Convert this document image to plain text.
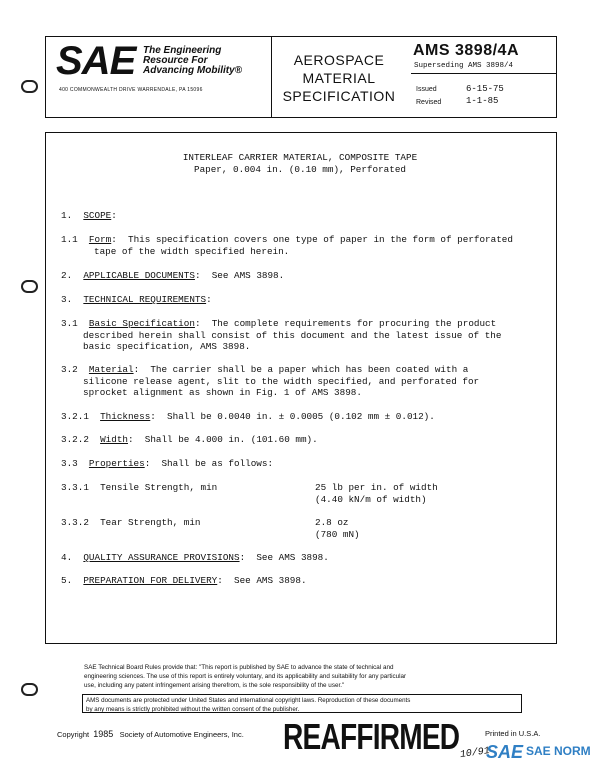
SAE The Engineering
Resource For
Advancing Mobility®
400 COMMONWEALTH DRIVE WARRENDALE, PA 15096
AEROSPACE
MATERIAL
SPECIFICATION
AMS 3898/4A
Superseding AMS 3898/4
Issued	6-15-75
Revised	1-1-85
INTERLEAF CARRIER MATERIAL, COMPOSITE TAPE
Paper, 0.004 in. (0.10 mm), Perforated
1. SCOPE:
1.1 Form:  This specification covers one type of paper in the form of perforated
tape of the width specified herein.
2. APPLICABLE DOCUMENTS:  See AMS 3898.
3. TECHNICAL REQUIREMENTS:
3.1 Basic Specification:  The complete requirements for procuring the product
described herein shall consist of this document and the latest issue of the
basic specification, AMS 3898.
3.2 Material:  The carrier shall be a paper which has been coated with a
silicone release agent, slit to the width specified, and perforated for
sprocket alignment as shown in Fig. 1 of AMS 3898.
3.2.1 Thickness:  Shall be 0.0040 in. ± 0.0005 (0.102 mm ± 0.012).
3.2.2 Width:  Shall be 4.000 in. (101.60 mm).
3.3 Properties:  Shall be as follows:
3.3.1 Tensile Strength, min	25 lb per in. of width
(4.40 kN/m of width)
3.3.2 Tear Strength, min	2.8 oz
(780 mN)
4. QUALITY ASSURANCE PROVISIONS:  See AMS 3898.
5. PREPARATION FOR DELIVERY:  See AMS 3898.
SAE Technical Board Rules provide that: "This report is published by SAE to advance the state of technical and
engineering sciences. The use of this report is entirely voluntary, and its applicability and suitability for any particular
use, including any patent infringement arising therefrom, is the sole responsibility of the user."
AMS documents are protected under United States and international copyright laws. Reproduction of these documents
by any means is strictly prohibited without the written consent of the publisher.
Copyright 1985 Society of Automotive Engineers, Inc. REAFFIRMED 10/91
Printed in U.S.A.
SAE SAE NORM
